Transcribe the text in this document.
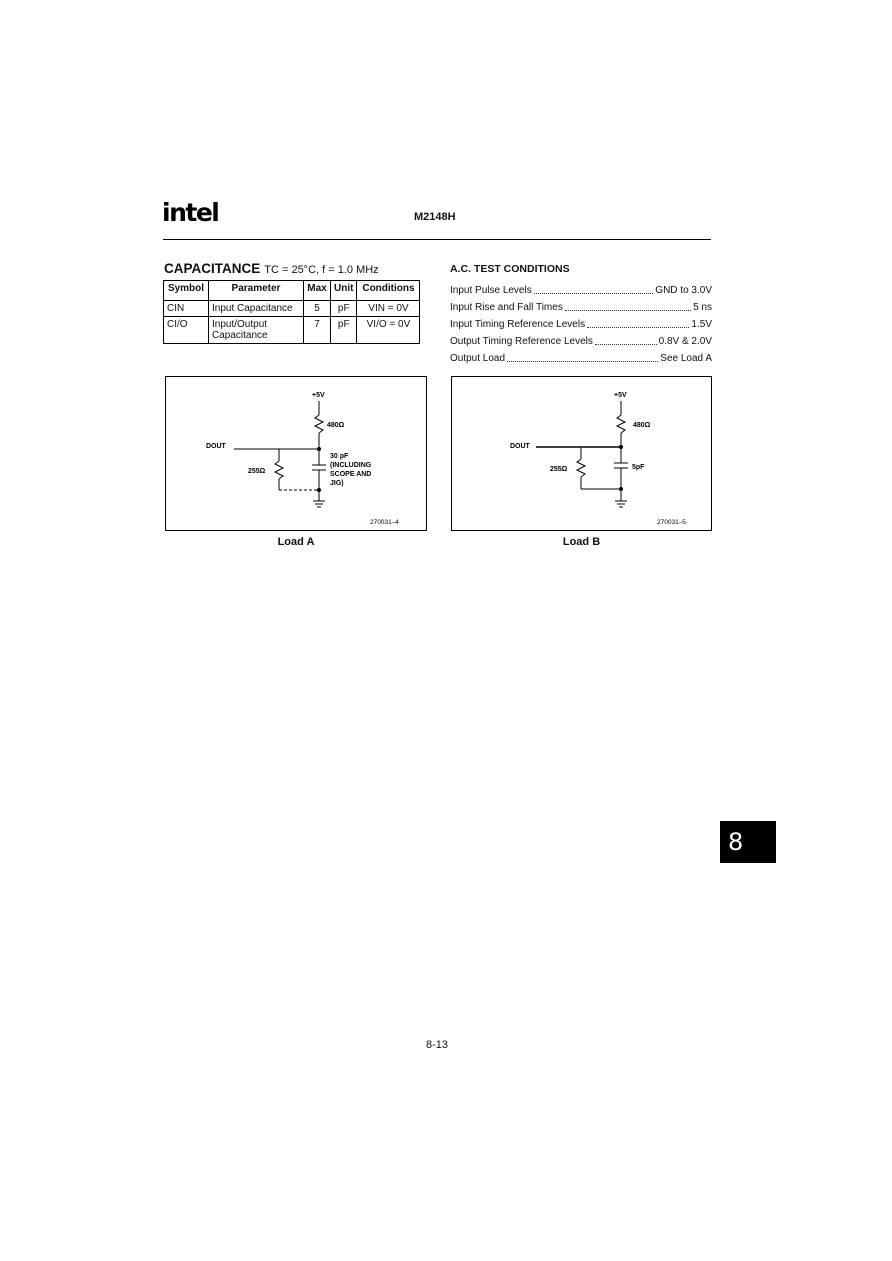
intel	M2148H
CAPACITANCE TC = 25°C, f = 1.0 MHz
Symbol	Parameter	Max	Unit	Conditions
CIN	Input Capacitance	5	pF	VIN = 0V
CI/O	Input/Output Capacitance	7	pF	VI/O = 0V
A.C. TEST CONDITIONS
Input Pulse Levels	GND to 3.0V
Input Rise and Fall Times	5 ns
Input Timing Reference Levels	1.5V
Output Timing Reference Levels	0.8V & 2.0V
Output Load	See Load A
+5V
480Ω
DOUT
255Ω
30 pF
(INCLUDING
SCOPE AND
JIG)
270031–4
Load A
+5V
480Ω
DOUT
255Ω	5pF
270031–5
Load B
8
8-13
